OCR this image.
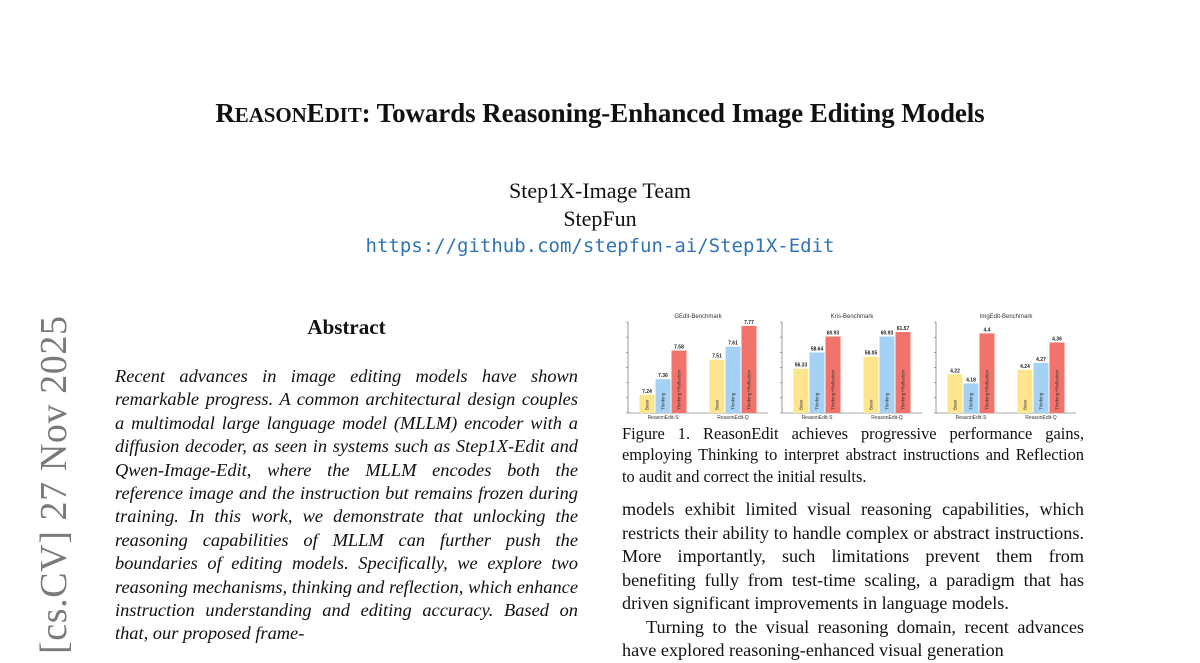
[cs.CV] 27 Nov 2025
REASONEDIT: Towards Reasoning-Enhanced Image Editing Models
Step1X-Image Team
StepFun
https://github.com/stepfun-ai/Step1X-Edit
Abstract
Recent advances in image editing models have shown remarkable progress. A common architectural design couples a multimodal large language model (MLLM) encoder with a diffusion decoder, as seen in systems such as Step1X-Edit and Qwen-Image-Edit, where the MLLM encodes both the reference image and the instruction but remains frozen during training. In this work, we demonstrate that unlocking the reasoning capabilities of MLLM can further push the boundaries of editing models. Specifically, we explore two reasoning mechanisms, thinking and reflection, which enhance instruction understanding and editing accuracy. Based on that, our proposed frame-
GEdit-Benchmark
7.24
Base
7.36
Thinking
7.58
Thinking+Reflection
ReasonEdit-S
7.51
Base
7.61
Thinking
7.77
Thinking+Reflection
ReasonEdit-Q
Kris-Benchmark
56.33
Base
58.64
Thinking
60.93
Thinking+Reflection
ReasonEdit-S
58.05
Base
60.93
Thinking
61.57
Thinking+Reflection
ReasonEdit-Q
ImgEdit-Benchmark
4.22
Base
4.18
Thinking
4.4
Thinking+Reflection
ReasonEdit-S
4.24
Base
4.27
Thinking
4.36
Thinking+Reflection
ReasonEdit-Q
Figure 1. ReasonEdit achieves progressive performance gains, employing Thinking to interpret abstract instructions and Reflection to audit and correct the initial results.

models exhibit limited visual reasoning capabilities, which restricts their ability to handle complex or abstract instructions. More importantly, such limitations prevent them from benefiting fully from test-time scaling, a paradigm that has driven significant improvements in language models.

Turning to the visual reasoning domain, recent advances have explored reasoning-enhanced visual generation
